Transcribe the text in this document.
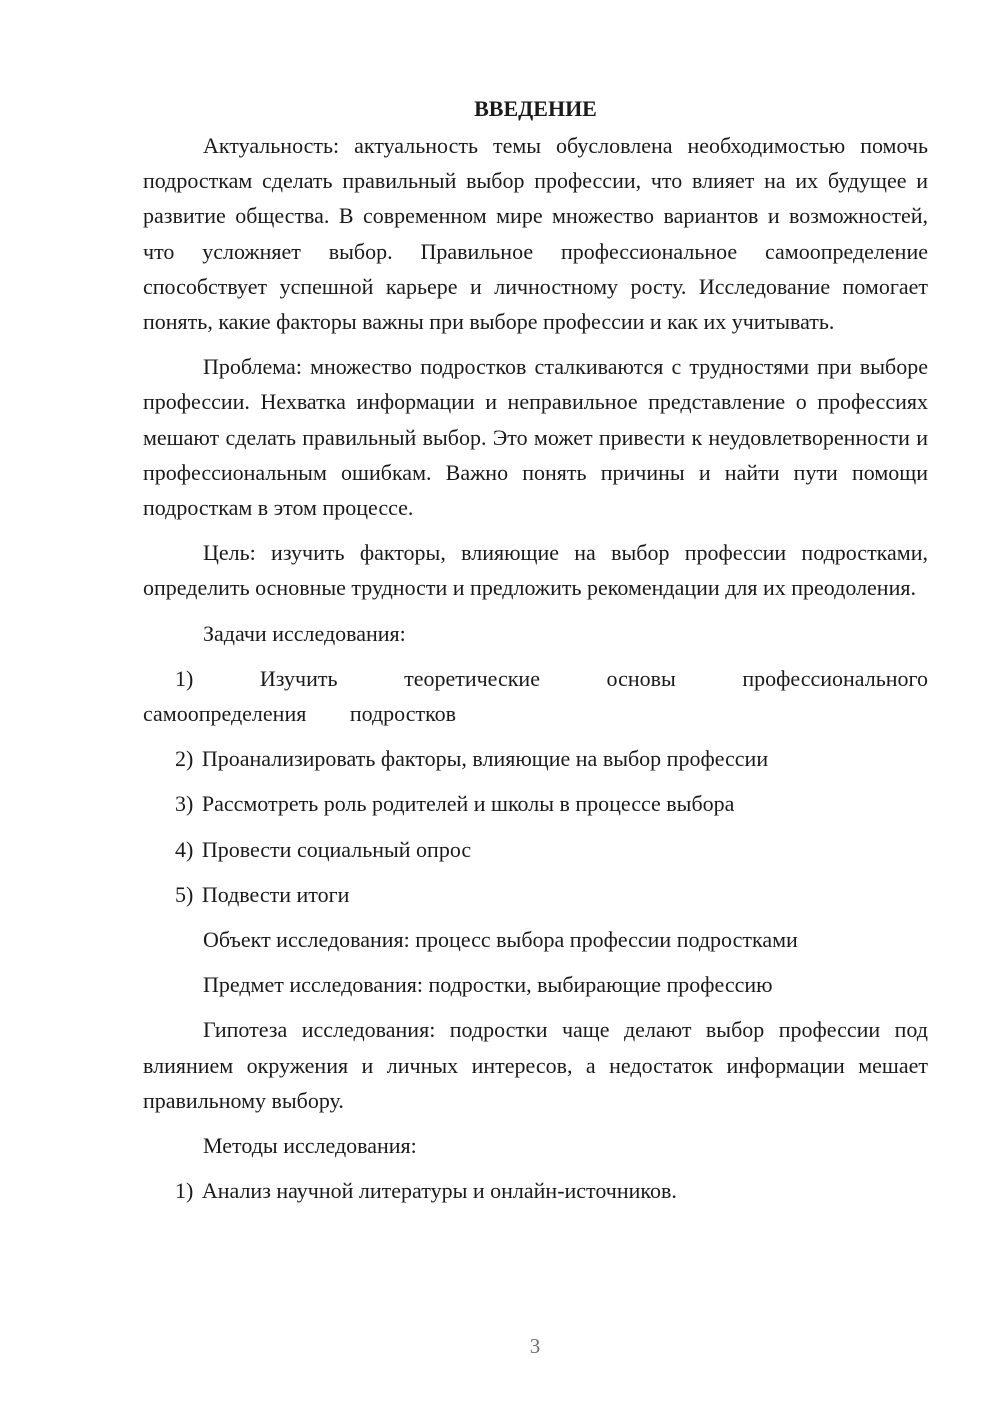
ВВЕДЕНИЕ

Актуальность: актуальность темы обусловлена необходимостью помочь подросткам сделать правильный выбор профессии, что влияет на их будущее и развитие общества. В современном мире множество вариантов и возможностей, что усложняет выбор. Правильное профессиональное самоопределение способствует успешной карьере и личностному росту. Исследование помогает понять, какие факторы важны при выборе профессии и как их учитывать.

Проблема: множество подростков сталкиваются с трудностями при выборе профессии. Нехватка информации и неправильное представление о профессиях мешают сделать правильный выбор. Это может привести к неудовлетворенности и профессиональным ошибкам. Важно понять причины и найти пути помощи подросткам в этом процессе.

Цель: изучить факторы, влияющие на выбор профессии подростками, определить основные трудности и предложить рекомендации для их преодоления.

Задачи исследования:
1)	Изучить теоретические основы профессионального самоопределения подростков
2) Проанализировать факторы, влияющие на выбор профессии
3) Рассмотреть роль родителей и школы в процессе выбора
4) Провести социальный опрос
5) Подвести итоги
Объект исследования: процесс выбора профессии подростками
Предмет исследования: подростки, выбирающие профессию

Гипотеза исследования: подростки чаще делают выбор профессии под влиянием окружения и личных интересов, а недостаток информации мешает правильному выбору.

Методы исследования:
1) Анализ научной литературы и онлайн-источников.
3
